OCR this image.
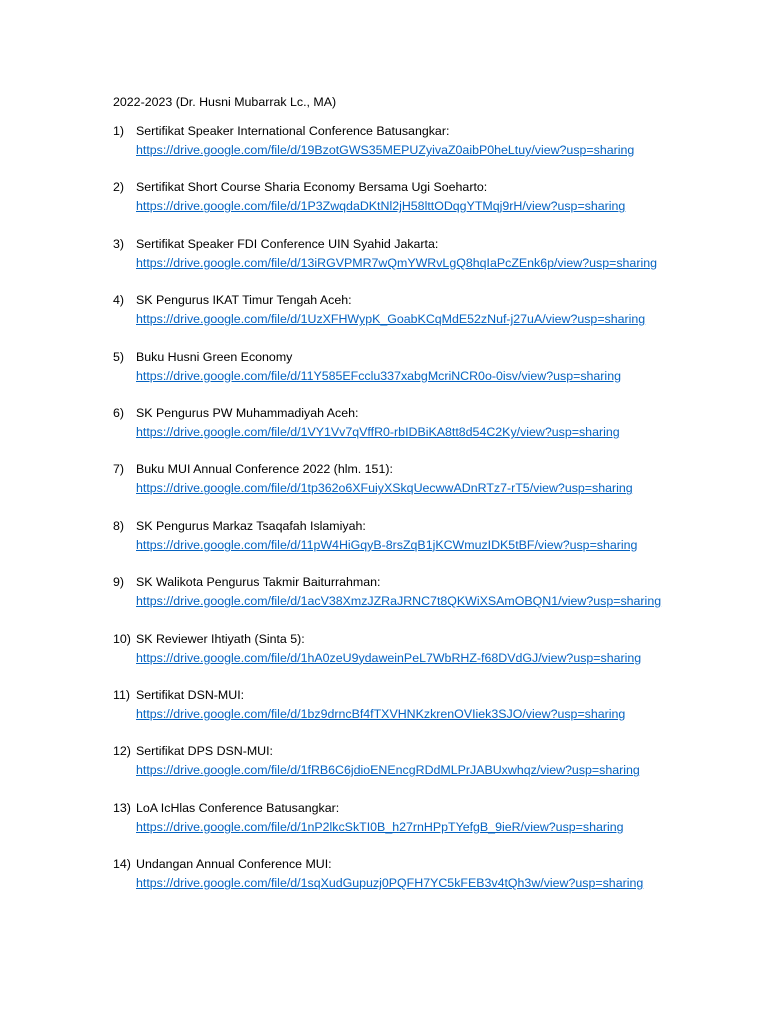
2022-2023 (Dr. Husni Mubarrak Lc., MA)
1) Sertifikat Speaker International Conference Batusangkar:
https://drive.google.com/file/d/19BzotGWS35MEPUZyivaZ0aibP0heLtuy/view?usp=sharing
2) Sertifikat Short Course Sharia Economy Bersama Ugi Soeharto:
https://drive.google.com/file/d/1P3ZwqdaDKtNl2jH58lttODqgYTMqj9rH/view?usp=sharing
3) Sertifikat Speaker FDI Conference UIN Syahid Jakarta:
https://drive.google.com/file/d/13iRGVPMR7wQmYWRvLgQ8hqIaPcZEnk6p/view?usp=sharing
4) SK Pengurus IKAT Timur Tengah Aceh:
https://drive.google.com/file/d/1UzXFHWypK_GoabKCqMdE52zNuf-j27uA/view?usp=sharing
5) Buku Husni Green Economy
https://drive.google.com/file/d/11Y585EFcclu337xabgMcriNCR0o-0isv/view?usp=sharing
6) SK Pengurus PW Muhammadiyah Aceh:
https://drive.google.com/file/d/1VY1Vv7qVffR0-rbIDBiKA8tt8d54C2Ky/view?usp=sharing
7) Buku MUI Annual Conference 2022 (hlm. 151):
https://drive.google.com/file/d/1tp362o6XFuiyXSkqUecwwADnRTz7-rT5/view?usp=sharing
8) SK Pengurus Markaz Tsaqafah Islamiyah:
https://drive.google.com/file/d/11pW4HiGqyB-8rsZqB1jKCWmuzIDK5tBF/view?usp=sharing
9) SK Walikota Pengurus Takmir Baiturrahman:
https://drive.google.com/file/d/1acV38XmzJZRaJRNC7t8QKWiXSAmOBQN1/view?usp=sharing
10) SK Reviewer Ihtiyath (Sinta 5):
https://drive.google.com/file/d/1hA0zeU9ydaweinPeL7WbRHZ-f68DVdGJ/view?usp=sharing
11) Sertifikat DSN-MUI:
https://drive.google.com/file/d/1bz9drncBf4fTXVHNKzkrenOVIiek3SJO/view?usp=sharing
12) Sertifikat DPS DSN-MUI:
https://drive.google.com/file/d/1fRB6C6jdioENEncgRDdMLPrJABUxwhqz/view?usp=sharing
13) LoA IcHlas Conference Batusangkar:
https://drive.google.com/file/d/1nP2lkcSkTI0B_h27rnHPpTYefgB_9ieR/view?usp=sharing
14) Undangan Annual Conference MUI:
https://drive.google.com/file/d/1sqXudGupuzj0PQFH7YC5kFEB3v4tQh3w/view?usp=sharing
